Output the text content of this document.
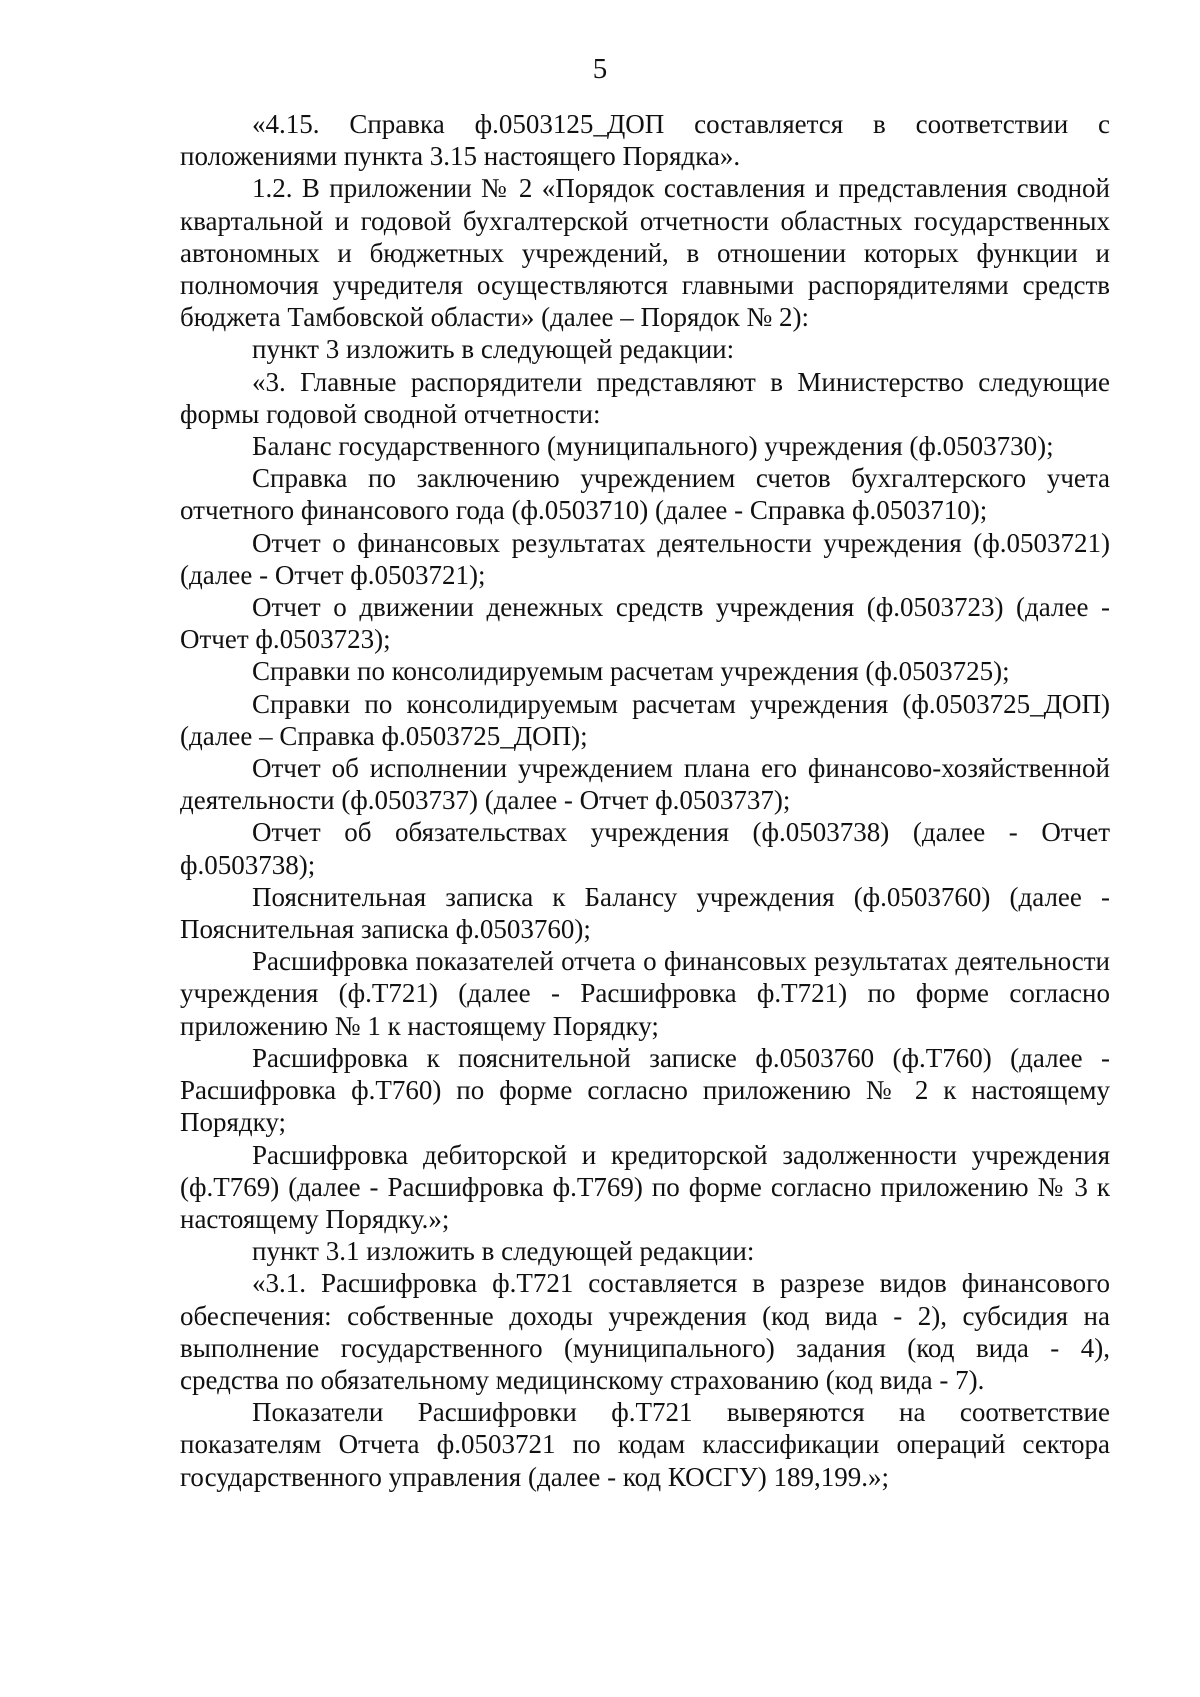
5

«4.15. Справка ф.0503125_ДОП составляется в соответствии с положениями пункта 3.15 настоящего Порядка».

1.2. В приложении № 2 «Порядок составления и представления сводной квартальной и годовой бухгалтерской отчетности областных государственных автономных и бюджетных учреждений, в отношении которых функции и полномочия учредителя осуществляются главными распорядителями средств бюджета Тамбовской области» (далее – Порядок № 2):

пункт 3 изложить в следующей редакции:

«3. Главные распорядители представляют в Министерство следующие формы годовой сводной отчетности:

Баланс государственного (муниципального) учреждения (ф.0503730);

Справка по заключению учреждением счетов бухгалтерского учета отчетного финансового года (ф.0503710) (далее - Справка ф.0503710);

Отчет о финансовых результатах деятельности учреждения (ф.0503721) (далее - Отчет ф.0503721);

Отчет о движении денежных средств учреждения (ф.0503723) (далее - Отчет ф.0503723);

Справки по консолидируемым расчетам учреждения (ф.0503725);

Справки по консолидируемым расчетам учреждения (ф.0503725_ДОП)(далее – Справка ф.0503725_ДОП);

Отчет об исполнении учреждением плана его финансово-хозяйственной деятельности (ф.0503737) (далее - Отчет ф.0503737);

Отчет об обязательствах учреждения (ф.0503738) (далее - Отчет ф.0503738);

Пояснительная записка к Балансу учреждения (ф.0503760) (далее - Пояснительная записка ф.0503760);

Расшифровка показателей отчета о финансовых результатах деятельности учреждения (ф.Т721) (далее - Расшифровка ф.Т721) по форме согласно приложению № 1 к настоящему Порядку;

Расшифровка к пояснительной записке ф.0503760 (ф.Т760) (далее - Расшифровка ф.Т760) по форме согласно приложению № 2 к настоящему Порядку;

Расшифровка дебиторской и кредиторской задолженности учреждения (ф.Т769) (далее - Расшифровка ф.Т769) по форме согласно приложению № 3 к настоящему Порядку.»;

пункт 3.1 изложить в следующей редакции:

«3.1. Расшифровка ф.Т721 составляется в разрезе видов финансового обеспечения: собственные доходы учреждения (код вида - 2), субсидия на выполнение государственного (муниципального) задания (код вида - 4), средства по обязательному медицинскому страхованию (код вида - 7).

Показатели Расшифровки ф.Т721 выверяются на соответствие показателям Отчета ф.0503721 по кодам классификации операций сектора государственного управления (далее - код КОСГУ) 189,199.»;
